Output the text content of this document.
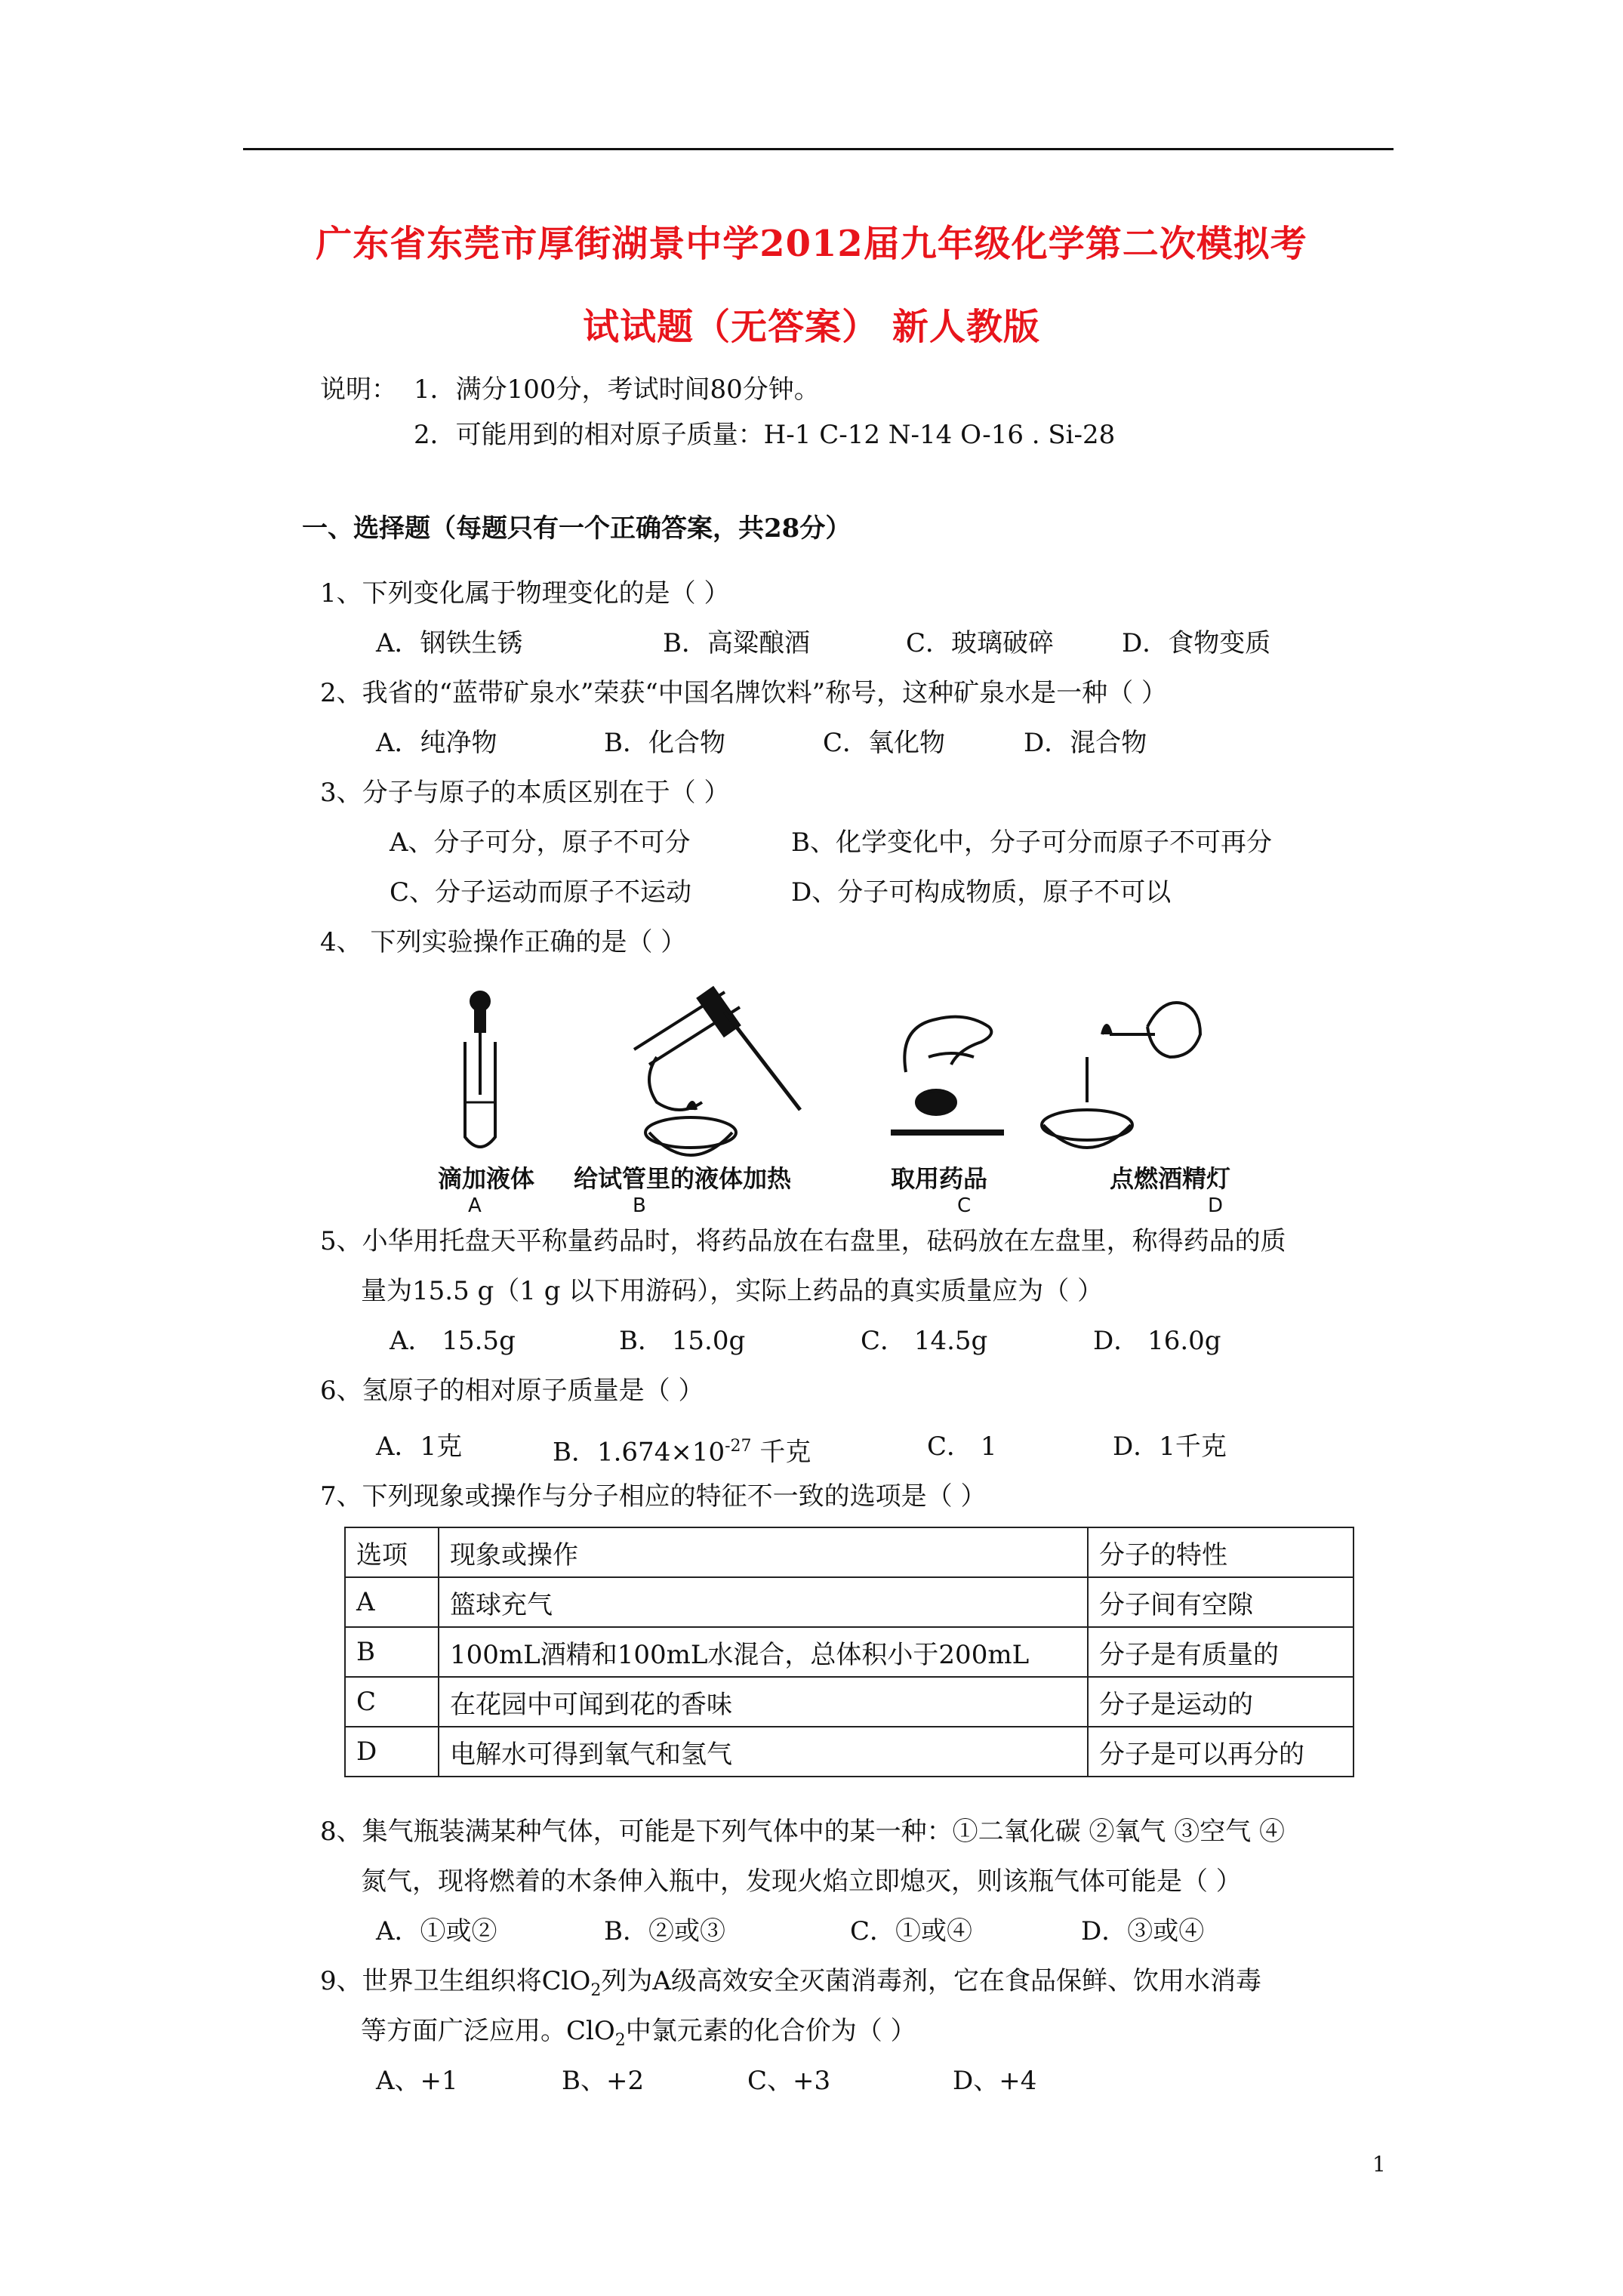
广东省东莞市厚街湖景中学2012届九年级化学第二次模拟考
试试题（无答案） 新人教版
说明： 1．满分100分，考试时间80分钟。
2．可能用到的相对原子质量：H-1 C-12 N-14 O-16 . Si-28
一、选择题（每题只有一个正确答案，共28分）
1、下列变化属于物理变化的是（ ）
A．钢铁生锈	B．高粱酿酒	C．玻璃破碎	D．食物变质
2、我省的“蓝带矿泉水”荣获“中国名牌饮料”称号，这种矿泉水是一种（ ）
A．纯净物	B．化合物	C．氧化物	D．混合物
3、分子与原子的本质区别在于（ ）
A、分子可分，原子不可分	B、化学变化中，分子可分而原子不可再分
C、分子运动而原子不运动	D、分子可构成物质，原子不可以
4、 下列实验操作正确的是（ ）
滴加液体 给试管里的液体加热	取用药品	点燃酒精灯
A	B	C	D
5、小华用托盘天平称量药品时，将药品放在右盘里，砝码放在左盘里，称得药品的质
量为15.5 g（1 g 以下用游码），实际上药品的真实质量应为（ ）
A． 15.5g	B． 15.0g	C． 14.5g	D． 16.0g
6、氢原子的相对原子质量是（ ）
A．1克	B．$1.674\times 10^{-27}$ 千克	C． 1	D．1千克
7、下列现象或操作与分子相应的特征不一致的选项是（ ）
选项	现象或操作	分子的特性
A	篮球充气	分子间有空隙
B	100mL酒精和100mL水混合，总体积小于200mL	分子是有质量的
C	在花园中可闻到花的香味	分子是运动的
D	电解水可得到氧气和氢气	分子是可以再分的
8、集气瓶装满某种气体，可能是下列气体中的某一种：①二氧化碳 ②氧气 ③空气 ④
氮气，现将燃着的木条伸入瓶中，发现火焰立即熄灭，则该瓶气体可能是（ ）
A．①或②	B．②或③	C．①或④	D．③或④
9、世界卫生组织将ClO$_2$列为A级高效安全灭菌消毒剂，它在食品保鲜、饮用水消毒
等方面广泛应用。ClO$_2$中氯元素的化合价为（ ）
A、+1	B、+2	C、+3	D、+4
1
